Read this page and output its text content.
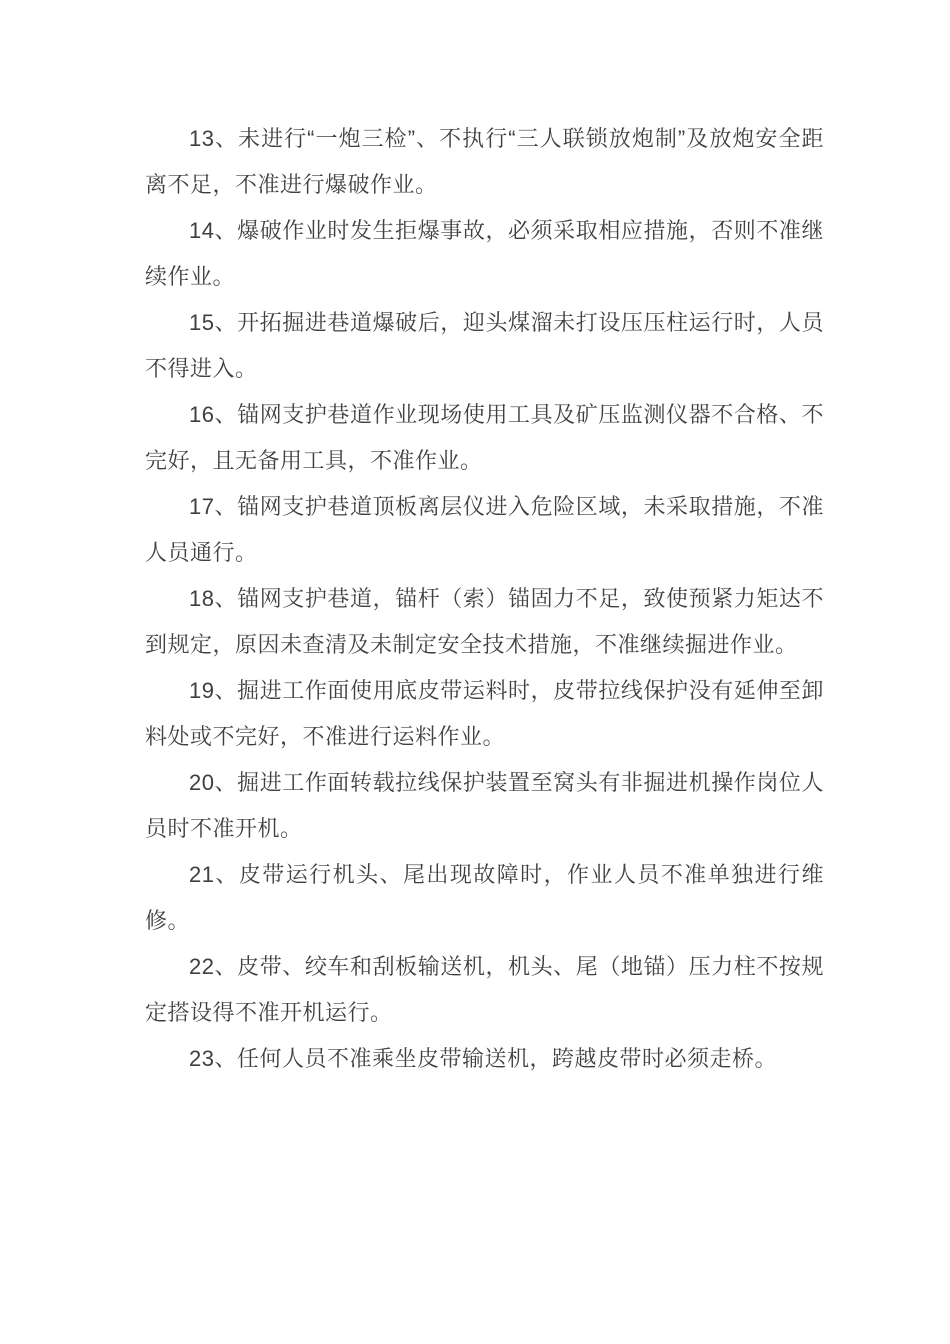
13、未进行“一炮三检”、不执行“三人联锁放炮制”及放炮安全距离不足，不准进行爆破作业。

14、爆破作业时发生拒爆事故，必须采取相应措施，否则不准继续作业。

15、开拓掘进巷道爆破后，迎头煤溜未打设压压柱运行时，人员不得进入。

16、锚网支护巷道作业现场使用工具及矿压监测仪器不合格、不完好，且无备用工具，不准作业。

17、锚网支护巷道顶板离层仪进入危险区域，未采取措施，不准人员通行。

18、锚网支护巷道，锚杆（索）锚固力不足，致使预紧力矩达不到规定，原因未查清及未制定安全技术措施，不准继续掘进作业。

19、掘进工作面使用底皮带运料时，皮带拉线保护没有延伸至卸料处或不完好，不准进行运料作业。

20、掘进工作面转载拉线保护装置至窝头有非掘进机操作岗位人员时不准开机。

21、皮带运行机头、尾出现故障时，作业人员不准单独进行维修。

22、皮带、绞车和刮板输送机，机头、尾（地锚）压力柱不按规定搭设得不准开机运行。

23、任何人员不准乘坐皮带输送机，跨越皮带时必须走桥。
